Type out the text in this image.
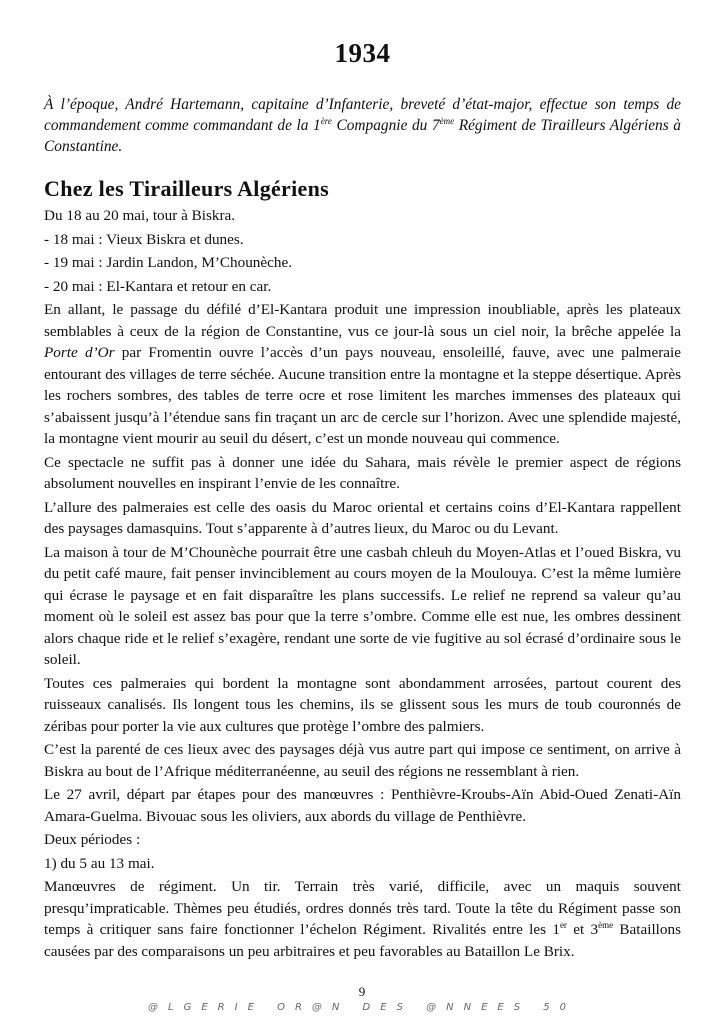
1934
À l’époque, André Hartemann, capitaine d’Infanterie, breveté d’état-major, effectue son temps de commandement comme commandant de la 1ère Compagnie du 7ème Régiment de Tirailleurs Algériens à Constantine.
Chez les Tirailleurs Algériens

Du 18 au 20 mai, tour à Biskra.

- 18 mai : Vieux Biskra et dunes.

- 19 mai : Jardin Landon, M’Chounèche.

- 20 mai : El-Kantara et retour en car.

En allant, le passage du défilé d’El-Kantara produit une impression inoubliable, après les plateaux semblables à ceux de la région de Constantine, vus ce jour-là sous un ciel noir, la brêche appelée la Porte d’Or par Fromentin ouvre l’accès d’un pays nouveau, ensoleillé, fauve, avec une palmeraie entourant des villages de terre séchée. Aucune transition entre la montagne et la steppe désertique. Après les rochers sombres, des tables de terre ocre et rose limitent les marches immenses des plateaux qui s’abaissent jusqu’à l’étendue sans fin traçant un arc de cercle sur l’horizon. Avec une splendide majesté, la montagne vient mourir au seuil du désert, c’est un monde nouveau qui commence.

Ce spectacle ne suffit pas à donner une idée du Sahara, mais révèle le premier aspect de régions absolument nouvelles en inspirant l’envie de les connaître.

L’allure des palmeraies est celle des oasis du Maroc oriental et certains coins d’El-Kantara rappellent des paysages damasquins. Tout s’apparente à d’autres lieux, du Maroc ou du Levant.

La maison à tour de M’Chounèche pourrait être une casbah chleuh du Moyen-Atlas et l’oued Biskra, vu du petit café maure, fait penser invinciblement au cours moyen de la Moulouya. C’est la même lumière qui écrase le paysage et en fait disparaître les plans successifs. Le relief ne reprend sa valeur qu’au moment où le soleil est assez bas pour que la terre s’ombre. Comme elle est nue, les ombres dessinent alors chaque ride et le relief s’exagère, rendant une sorte de vie fugitive au sol écrasé d’ordinaire sous le soleil.

Toutes ces palmeraies qui bordent la montagne sont abondamment arrosées, partout courent des ruisseaux canalisés. Ils longent tous les chemins, ils se glissent sous les murs de toub couronnés de zéribas pour porter la vie aux cultures que protège l’ombre des palmiers.

C’est la parenté de ces lieux avec des paysages déjà vus autre part qui impose ce sentiment, on arrive à Biskra au bout de l’Afrique méditerranéenne, au seuil des régions ne ressemblant à rien.

Le 27 avril, départ par étapes pour des manœuvres : Penthièvre-Kroubs-Aïn Abid-Oued Zenati-Aïn Amara-Guelma. Bivouac sous les oliviers, aux abords du village de Penthièvre.

Deux périodes :

1) du 5 au 13 mai.

Manœuvres de régiment. Un tir. Terrain très varié, difficile, avec un maquis souvent presqu’impraticable. Thèmes peu étudiés, ordres donnés très tard. Toute la tête du Régiment passe son temps à critiquer sans faire fonctionner l’échelon Régiment. Rivalités entre les 1er et 3ème Bataillons causées par des comparaisons un peu arbitraires et peu favorables au Bataillon Le Brix.

9
@LGERIE OR@N DES @NNEES 50
